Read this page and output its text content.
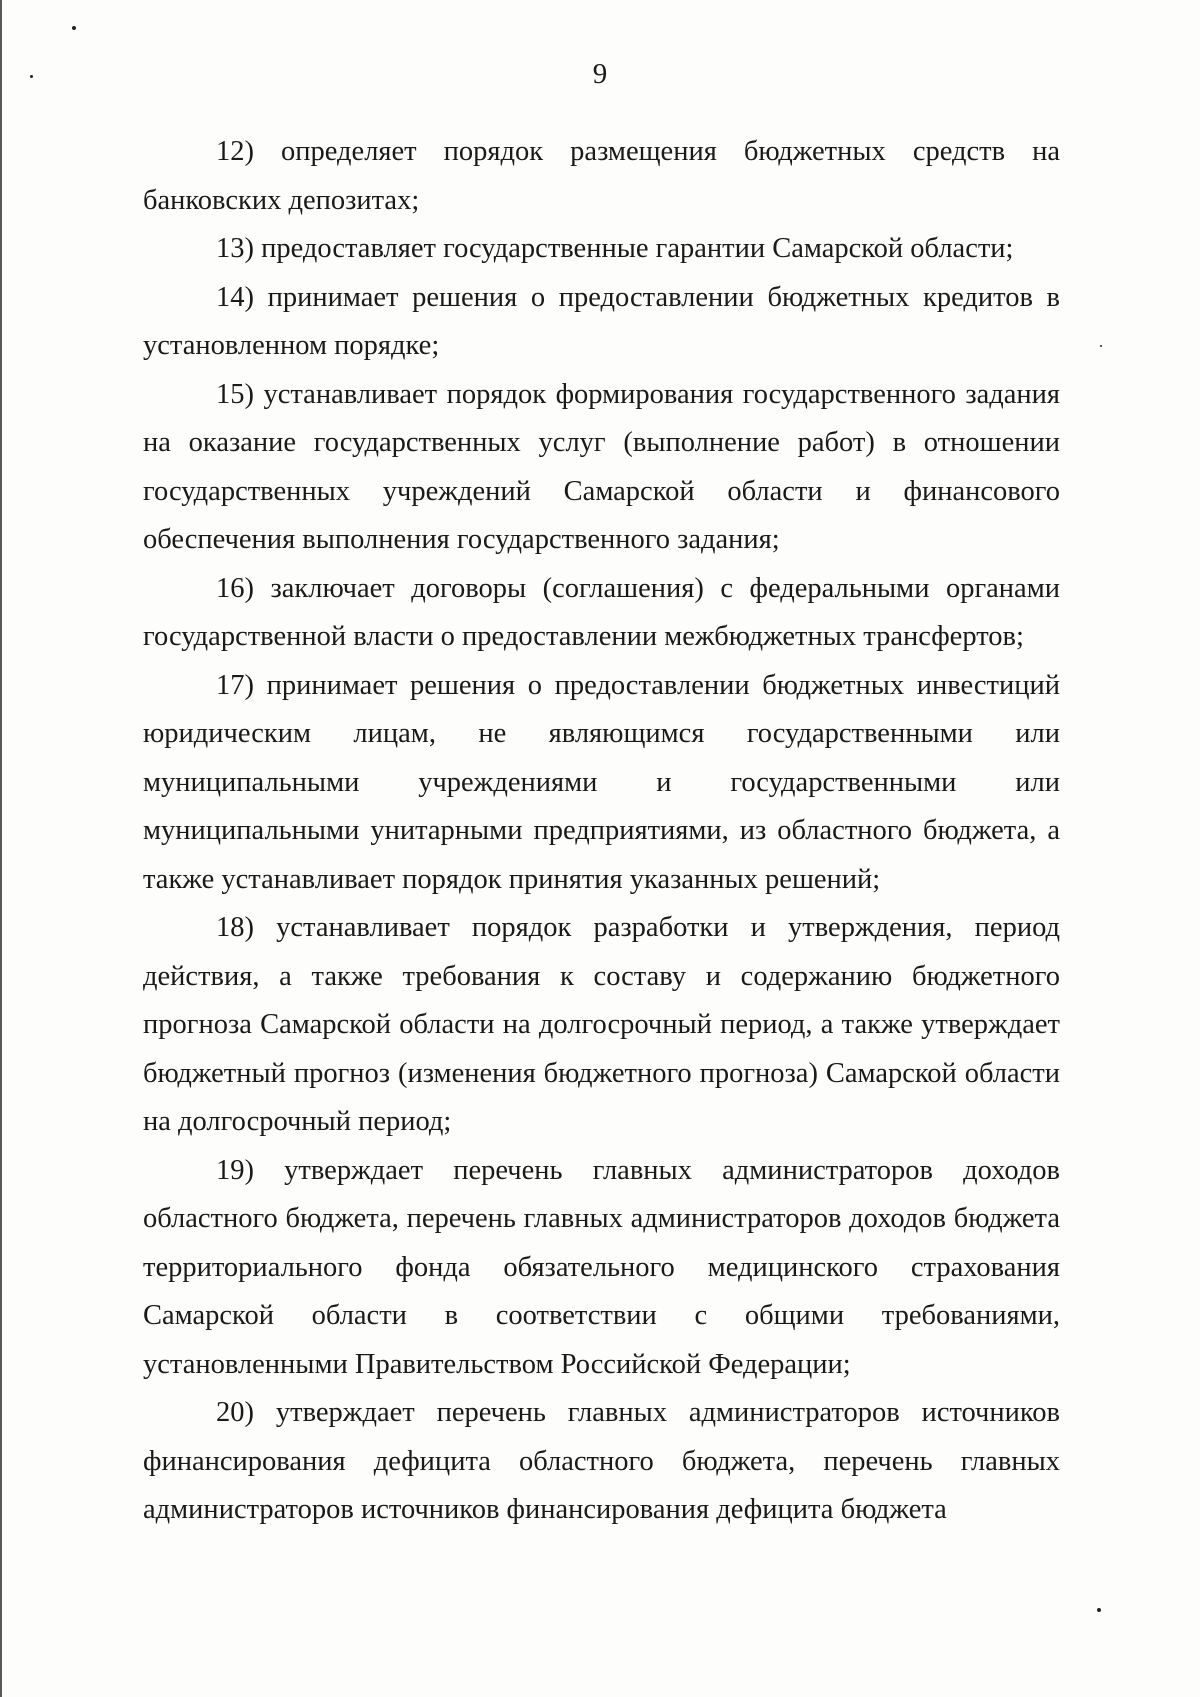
9

12) определяет порядок размещения бюджетных средств на банковских депозитах;

13) предоставляет государственные гарантии Самарской области;

14) принимает решения о предоставлении бюджетных кредитов в установленном порядке;

15) устанавливает порядок формирования государственного задания на оказание государственных услуг (выполнение работ) в отношении государственных учреждений Самарской области и финансового обеспечения выполнения государственного задания;

16) заключает договоры (соглашения) с федеральными органами государственной власти о предоставлении межбюджетных трансфертов;

17) принимает решения о предоставлении бюджетных инвестиций юридическим лицам, не являющимся государственными или муниципальными учреждениями и государственными или муниципальными унитарными предприятиями, из областного бюджета, а также устанавливает порядок принятия указанных решений;

18) устанавливает порядок разработки и утверждения, период действия, а также требования к составу и содержанию бюджетного прогноза Самарской области на долгосрочный период, а также утверждает бюджетный прогноз (изменения бюджетного прогноза) Самарской области на долгосрочный период;

19) утверждает перечень главных администраторов доходов областного бюджета, перечень главных администраторов доходов бюджета территориального фонда обязательного медицинского страхования Самарской области в соответствии с общими требованиями, установленными Правительством Российской Федерации;

20) утверждает перечень главных администраторов источников финансирования дефицита областного бюджета, перечень главных администраторов источников финансирования дефицита бюджета
